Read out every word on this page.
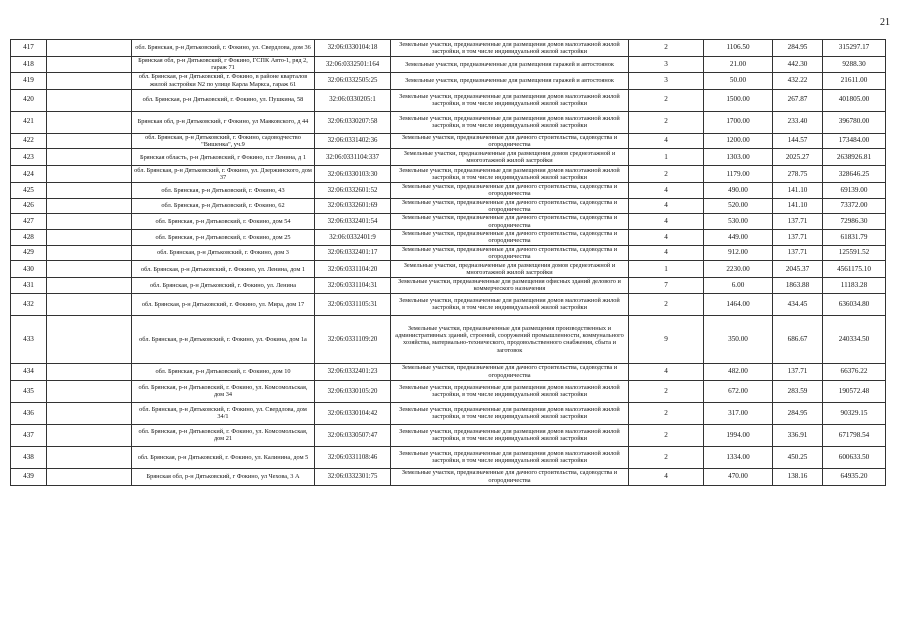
21
417		обл. Брянская, р-н Дятьковский, г. Фокино, ул. Свердлова, дом 36	32:06:0330104:18	Земельные участки, предназначенные для размещения домов малоэтажной жилой застройки, в том числе индивидуальной жилой застройки	2	1106.50	284.95	315297.17
418		Брянская обл, р-н Дятьковский, г Фокино, ГСПК Авто-1, ряд 2, гараж 71	32:06:0332501:164	Земельные участки, предназначенные для размещения гаражей и автостоянок	3	21.00	442.30	9288.30
419		обл. Брянская, р-н Дятьковский, г. Фокино, в районе кварталов жилой застройки N2 по улице Карла Маркса, гараж 61	32:06:0332505:25	Земельные участки, предназначенные для размещения гаражей и автостоянок	3	50.00	432.22	21611.00
420		обл. Брянская, р-н Дятьковский, г. Фокино, ул. Пушкина, 58	32:06:0330205:1	Земельные участки, предназначенные для размещения домов малоэтажной жилой застройки, в том числе индивидуальной жилой застройки	2	1500.00	267.87	401805.00
421		Брянская обл, р-н Дятьковский, г Фокино, ул Маяковского, д 44	32:06:0330207:58	Земельные участки, предназначенные для размещения домов малоэтажной жилой застройки, в том числе индивидуальной жилой застройки	2	1700.00	233.40	396780.00
422		обл. Брянская, р-н Дятьковский, г. Фокино, садоводчество "Вишенка", уч.9	32:06:0331402:36	Земельные участки, предназначенные для дачного строительства, садоводства и огородничества	4	1200.00	144.57	173484.00
423		Брянская область, р-н Дятьковский, г Фокино, п.т Ленина, д 1	32:06:0331104:337	Земельные участки, предназначенные для размещения домов среднеэтажной и многоэтажной жилой застройки	1	1303.00	2025.27	2638926.81
424		обл. Брянская, р-н Дятьковский, г. Фокино, ул. Дзержинского, дом 37	32:06:0330103:30	Земельные участки, предназначенные для размещения домов малоэтажной жилой застройки, в том числе индивидуальной жилой застройки	2	1179.00	278.75	328646.25
425		обл. Брянская, р-н Дятьковский, г. Фокино, 43	32:06:0332601:52	Земельные участки, предназначенные для дачного строительства, садоводства и огородничества	4	490.00	141.10	69139.00
426		обл. Брянская, р-н Дятьковский, г. Фокино, 62	32:06:0332601:69	Земельные участки, предназначенные для дачного строительства, садоводства и огородничества	4	520.00	141.10	73372.00
427		обл. Брянская, р-н Дятьковский, г. Фокино, дом 54	32:06:0332401:54	Земельные участки, предназначенные для дачного строительства, садоводства и огородничества	4	530.00	137.71	72986.30
428		обл. Брянская, р-н Дятьковский, г. Фокино, дом 25	32:06:0332401:9	Земельные участки, предназначенные для дачного строительства, садоводства и огородничества	4	449.00	137.71	61831.79
429		обл. Брянская, р-н Дятьковский, г. Фокино, дом 3	32:06:0332401:17	Земельные участки, предназначенные для дачного строительства, садоводства и огородничества	4	912.00	137.71	125591.52
430		обл. Брянская, р-н Дятьковский, г. Фокино, ул. Ленина, дом 1	32:06:0331104:20	Земельные участки, предназначенные для размещения домов среднеэтажной и многоэтажной жилой застройки	1	2230.00	2045.37	4561175.10
431		обл. Брянская, р-н Дятьковский, г. Фокино, ул. Ленина	32:06:0331104:31	Земельные участки, предназначенные для размещения офисных зданий делового и коммерческого назначения	7	6.00	1863.88	11183.28
432		обл. Брянская, р-н Дятьковский, г. Фокино, ул. Мира, дом 17	32:06:0331105:31	Земельные участки, предназначенные для размещения домов малоэтажной жилой застройки, в том числе индивидуальной жилой застройки	2	1464.00	434.45	636034.80
433		обл. Брянская, р-н Дятьковский, г. Фокино, ул. Фокина, дом 1а	32:06:0331109:20	Земельные участки, предназначенные для размещения производственных и административных зданий, строений, сооружений промышленности, коммунального хозяйства, материально-технического, продовольственного снабжения, сбыта и заготовок	9	350.00	686.67	240334.50
434		обл. Брянская, р-н Дятьковский, г. Фокино, дом 10	32:06:0332401:23	Земельные участки, предназначенные для дачного строительства, садоводства и огородничества	4	482.00	137.71	66376.22
435		обл. Брянская, р-н Дятьковский, г. Фокино, ул. Комсомольская, дом 34	32:06:0330105:20	Земельные участки, предназначенные для размещения домов малоэтажной жилой застройки, в том числе индивидуальной жилой застройки	2	672.00	283.59	190572.48
436		обл. Брянская, р-н Дятьковский, г. Фокино, ул. Свердлова, дом 34/1	32:06:0330104:42	Земельные участки, предназначенные для размещения домов малоэтажной жилой застройки, в том числе индивидуальной жилой застройки	2	317.00	284.95	90329.15
437		обл. Брянская, р-н Дятьковский, г. Фокино, ул. Комсомольская, дом 21	32:06:0330507:47	Земельные участки, предназначенные для размещения домов малоэтажной жилой застройки, в том числе индивидуальной жилой застройки	2	1994.00	336.91	671798.54
438		обл. Брянская, р-н Дятьковский, г. Фокино, ул. Калинина, дом 5	32:06:0331108:46	Земельные участки, предназначенные для размещения домов малоэтажной жилой застройки, в том числе индивидуальной жилой застройки	2	1334.00	450.25	600633.50
439		Брянская обл, р-н Дятьковский, г Фокино, ул Чехова, 3 А	32:06:0332301:75	Земельные участки, предназначенные для дачного строительства, садоводства и огородничества	4	470.00	138.16	64935.20
